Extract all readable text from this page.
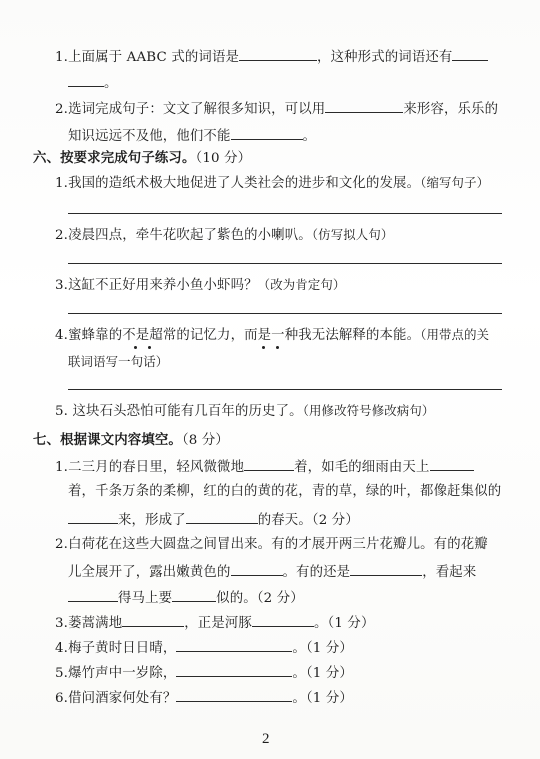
1.上面属于 AABC 式的词语是	，这种形式的词语还有
。
2.选词完成句子：文文了解很多知识，可以用	来形容，乐乐的
知识远远不及他，他们不能	。
六、按要求完成句子练习。（10 分）
1.我国的造纸术极大地促进了人类社会的进步和文化的发展。（缩写句子）
2.凌晨四点，牵牛花吹起了紫色的小喇叭。（仿写拟人句）
3.这缸不正好用来养小鱼小虾吗？（改为肯定句）
4.蜜蜂靠的不是超常的记忆力，而是一种我无法解释的本能。（用带点的关
联词语写一句话）
5. 这块石头恐怕可能有几百年的历史了。（用修改符号修改病句）
七、根据课文内容填空。（8 分）
1.二三月的春日里，轻风微微地	着，如毛的细雨由天上
着，千条万条的柔柳，红的白的黄的花，青的草，绿的叶，都像赶集似的
来，形成了	的春天。（2 分）
2.白荷花在这些大圆盘之间冒出来。有的才展开两三片花瓣儿。有的花瓣
儿全展开了，露出嫩黄色的	。有的还是	，看起来
得马上要	似的。（2 分）
3.蒌蒿满地	，正是河豚	。（1 分）
4.梅子黄时日日晴，	。（1 分）
5.爆竹声中一岁除，	。（1 分）
6.借问酒家何处有？	。（1 分）
2
